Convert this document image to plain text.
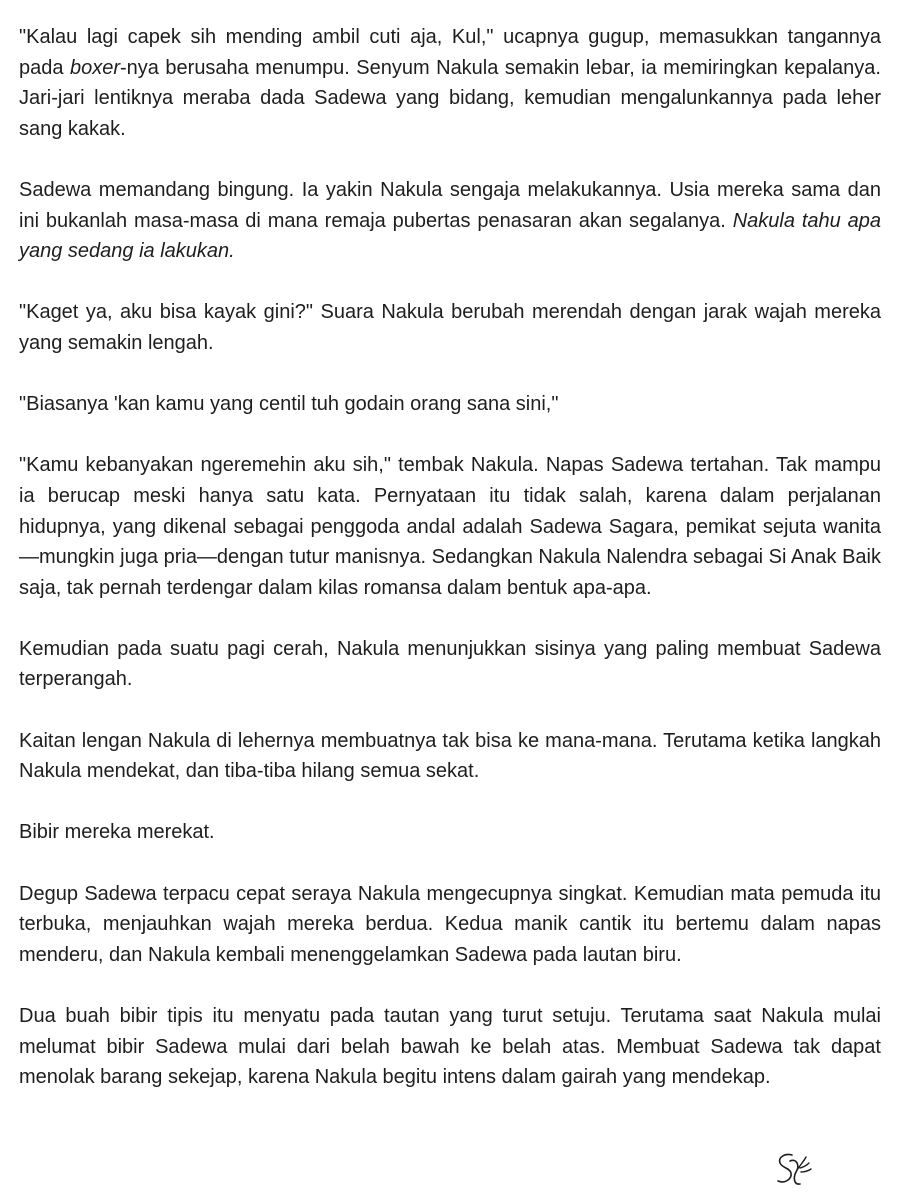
"Kalau lagi capek sih mending ambil cuti aja, Kul," ucapnya gugup, memasukkan tangannya pada boxer-nya berusaha menumpu. Senyum Nakula semakin lebar, ia memiringkan kepalanya. Jari-jari lentiknya meraba dada Sadewa yang bidang, kemudian mengalunkannya pada leher sang kakak.

Sadewa memandang bingung. Ia yakin Nakula sengaja melakukannya. Usia mereka sama dan ini bukanlah masa-masa di mana remaja pubertas penasaran akan segalanya. Nakula tahu apa yang sedang ia lakukan.

"Kaget ya, aku bisa kayak gini?" Suara Nakula berubah merendah dengan jarak wajah mereka yang semakin lengah.

"Biasanya 'kan kamu yang centil tuh godain orang sana sini,"

"Kamu kebanyakan ngeremehin aku sih," tembak Nakula. Napas Sadewa tertahan. Tak mampu ia berucap meski hanya satu kata. Pernyataan itu tidak salah, karena dalam perjalanan hidupnya, yang dikenal sebagai penggoda andal adalah Sadewa Sagara, pemikat sejuta wanita—mungkin juga pria—dengan tutur manisnya. Sedangkan Nakula Nalendra sebagai Si Anak Baik saja, tak pernah terdengar dalam kilas romansa dalam bentuk apa-apa.

Kemudian pada suatu pagi cerah, Nakula menunjukkan sisinya yang paling membuat Sadewa terperangah.

Kaitan lengan Nakula di lehernya membuatnya tak bisa ke mana-mana. Terutama ketika langkah Nakula mendekat, dan tiba-tiba hilang semua sekat.

Bibir mereka merekat.

Degup Sadewa terpacu cepat seraya Nakula mengecupnya singkat. Kemudian mata pemuda itu terbuka, menjauhkan wajah mereka berdua. Kedua manik cantik itu bertemu dalam napas menderu, dan Nakula kembali menenggelamkan Sadewa pada lautan biru.

Dua buah bibir tipis itu menyatu pada tautan yang turut setuju. Terutama saat Nakula mulai melumat bibir Sadewa mulai dari belah bawah ke belah atas. Membuat Sadewa tak dapat menolak barang sekejap, karena Nakula begitu intens dalam gairah yang mendekap.
